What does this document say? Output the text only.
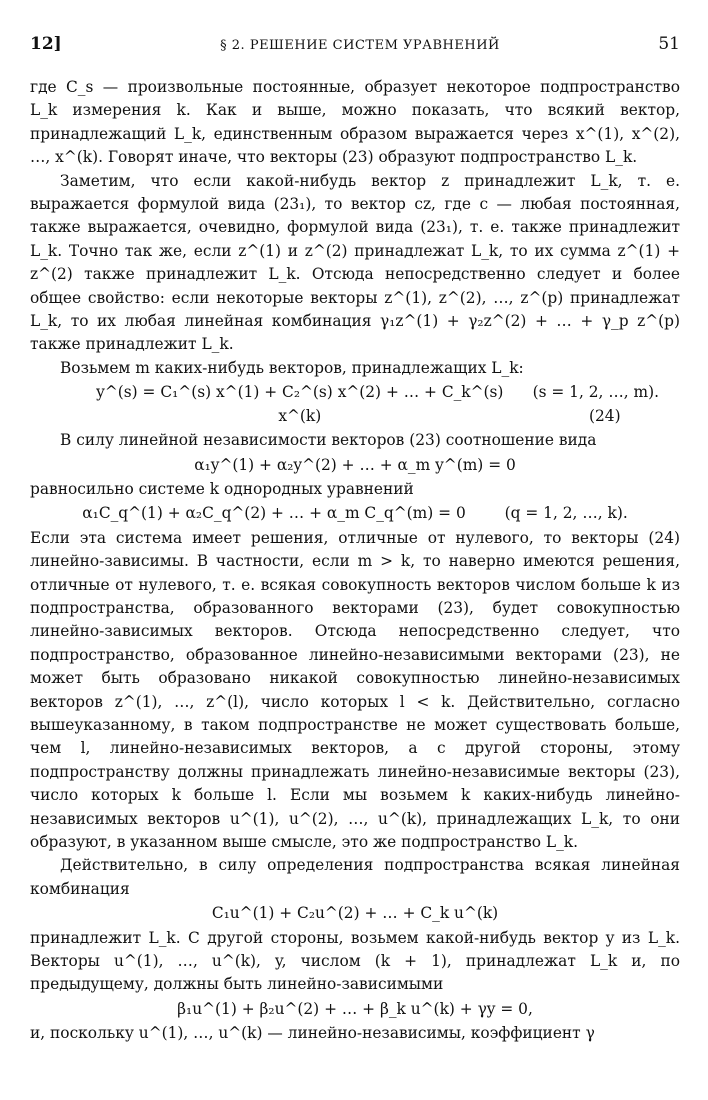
12]	§ 2. РЕШЕНИЕ СИСТЕМ УРАВНЕНИЙ	51

где C_s — произвольные постоянные, образует некоторое подпространство L_k измерения k. Как и выше, можно показать, что всякий вектор, принадлежащий L_k, единственным образом выражается через x^(1), x^(2), …, x^(k). Говорят иначе, что векторы (23) образуют подпространство L_k.

Заметим, что если какой-нибудь вектор z принадлежит L_k, т. е. выражается формулой вида (23₁), то вектор cz, где c — любая постоянная, также выражается, очевидно, формулой вида (23₁), т. е. также принадлежит L_k. Точно так же, если z^(1) и z^(2) принадлежат L_k, то их сумма z^(1) + z^(2) также принадлежит L_k. Отсюда непосредственно следует и более общее свойство: если некоторые векторы z^(1), z^(2), …, z^(p) принадлежат L_k, то их любая линейная комбинация γ₁z^(1) + γ₂z^(2) + … + γ_p z^(p) также принадлежит L_k.

Возьмем m каких-нибудь векторов, принадлежащих L_k:

y^(s) = C₁^(s) x^(1) + C₂^(s) x^(2) + … + C_k^(s) x^(k)
(s = 1, 2, …, m). (24)

В силу линейной независимости векторов (23) соотношение вида

α₁y^(1) + α₂y^(2) + … + α_m y^(m) = 0

равносильно системе k однородных уравнений

α₁C_q^(1) + α₂C_q^(2) + … + α_m C_q^(m) = 0	(q = 1, 2, …, k).

Если эта система имеет решения, отличные от нулевого, то векторы (24) линейно-зависимы. В частности, если m > k, то наверно имеются решения, отличные от нулевого, т. е. всякая совокупность векторов числом больше k из подпространства, образованного векторами (23), будет совокупностью линейно-зависимых векторов. Отсюда непосредственно следует, что подпространство, образованное линейно-независимыми векторами (23), не может быть образовано никакой совокупностью линейно-независимых векторов z^(1), …, z^(l), число которых l < k. Действительно, согласно вышеуказанному, в таком подпространстве не может существовать больше, чем l, линейно-независимых векторов, а с другой стороны, этому подпространству должны принадлежать линейно-независимые векторы (23), число которых k больше l. Если мы возьмем k каких-нибудь линейно-независимых векторов u^(1), u^(2), …, u^(k), принадлежащих L_k, то они образуют, в указанном выше смысле, это же подпространство L_k.

Действительно, в силу определения подпространства всякая линейная комбинация

C₁u^(1) + C₂u^(2) + … + C_k u^(k)

принадлежит L_k. С другой стороны, возьмем какой-нибудь вектор y из L_k. Векторы u^(1), …, u^(k), y, числом (k + 1), принадлежат L_k и, по предыдущему, должны быть линейно-зависимыми

β₁u^(1) + β₂u^(2) + … + β_k u^(k) + γy = 0,

и, поскольку u^(1), …, u^(k) — линейно-независимы, коэффициент γ
